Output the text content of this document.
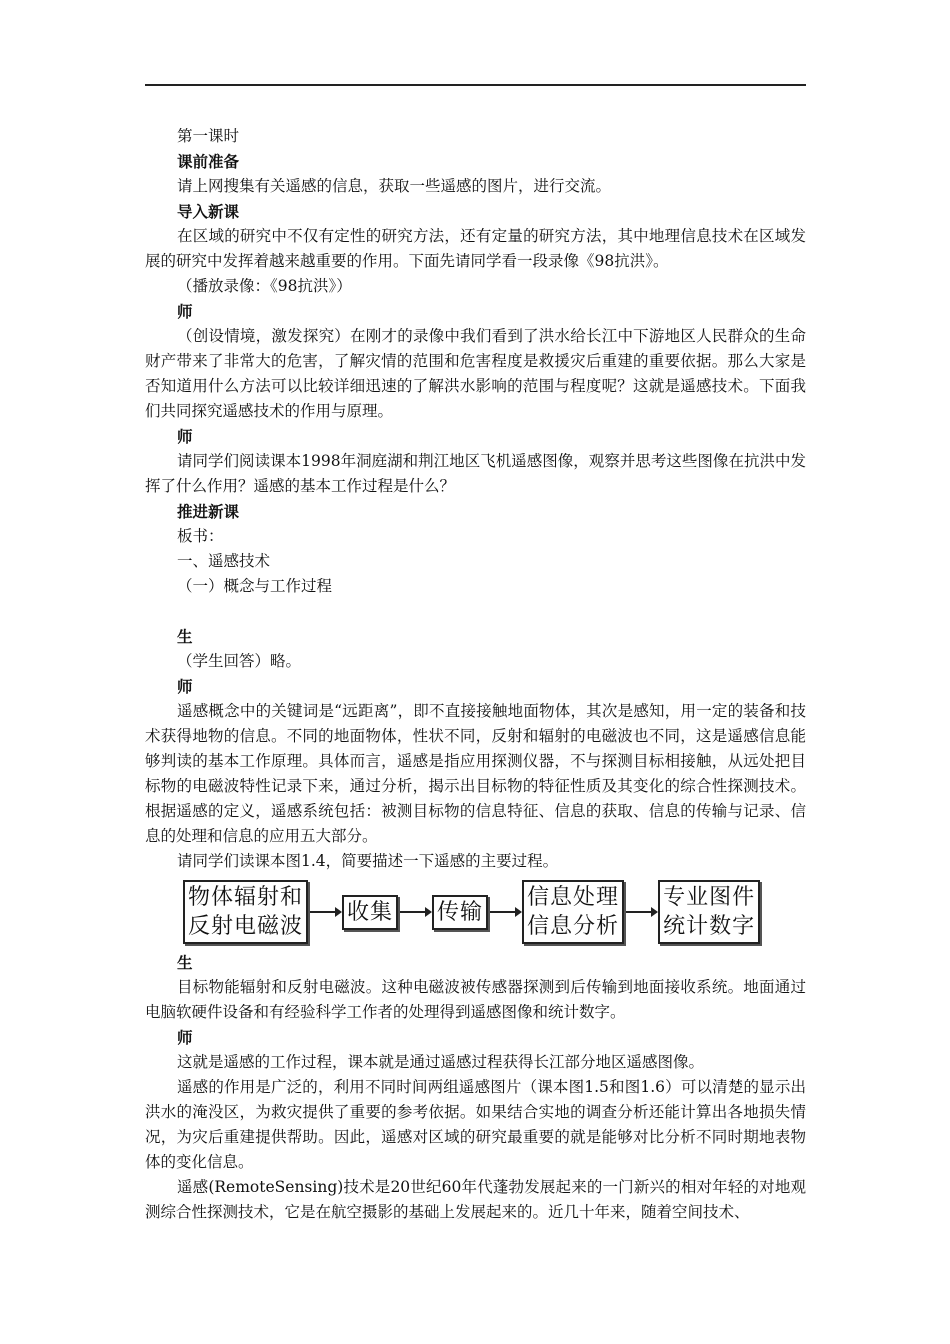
第一课时
课前准备
请上网搜集有关遥感的信息，获取一些遥感的图片，进行交流。
导入新课
在区域的研究中不仅有定性的研究方法，还有定量的研究方法，其中地理信息技术在区域发展的研究中发挥着越来越重要的作用。下面先请同学看一段录像《98抗洪》。
（播放录像：《98抗洪》）
师
（创设情境，激发探究）在刚才的录像中我们看到了洪水给长江中下游地区人民群众的生命财产带来了非常大的危害，了解灾情的范围和危害程度是救援灾后重建的重要依据。那么大家是否知道用什么方法可以比较详细迅速的了解洪水影响的范围与程度呢？这就是遥感技术。下面我们共同探究遥感技术的作用与原理。
师
请同学们阅读课本1998年洞庭湖和荆江地区飞机遥感图像，观察并思考这些图像在抗洪中发挥了什么作用？遥感的基本工作过程是什么？
推进新课
板书：
一、遥感技术
（一）概念与工作过程
生
（学生回答）略。
师
遥感概念中的关键词是“远距离”，即不直接接触地面物体，其次是感知，用一定的装备和技术获得地物的信息。不同的地面物体，性状不同，反射和辐射的电磁波也不同，这是遥感信息能够判读的基本工作原理。具体而言，遥感是指应用探测仪器，不与探测目标相接触，从远处把目标物的电磁波特性记录下来，通过分析，揭示出目标物的特征性质及其变化的综合性探测技术。根据遥感的定义，遥感系统包括：被测目标物的信息特征、信息的获取、信息的传输与记录、信息的处理和信息的应用五大部分。
请同学们读课本图1.4，简要描述一下遥感的主要过程。
物体辐射和
反射电磁波
收集 传输
信息处理
信息分析
专业图件
统计数字
生
目标物能辐射和反射电磁波。这种电磁波被传感器探测到后传输到地面接收系统。地面通过电脑软硬件设备和有经验科学工作者的处理得到遥感图像和统计数字。
师
这就是遥感的工作过程，课本就是通过遥感过程获得长江部分地区遥感图像。
遥感的作用是广泛的，利用不同时间两组遥感图片（课本图1.5和图1.6）可以清楚的显示出洪水的淹没区，为救灾提供了重要的参考依据。如果结合实地的调查分析还能计算出各地损失情况，为灾后重建提供帮助。因此，遥感对区域的研究最重要的就是能够对比分析不同时期地表物体的变化信息。
遥感(RemoteSensing)技术是20世纪60年代蓬勃发展起来的一门新兴的相对年轻的对地观测综合性探测技术，它是在航空摄影的基础上发展起来的。近几十年来，随着空间技术、
